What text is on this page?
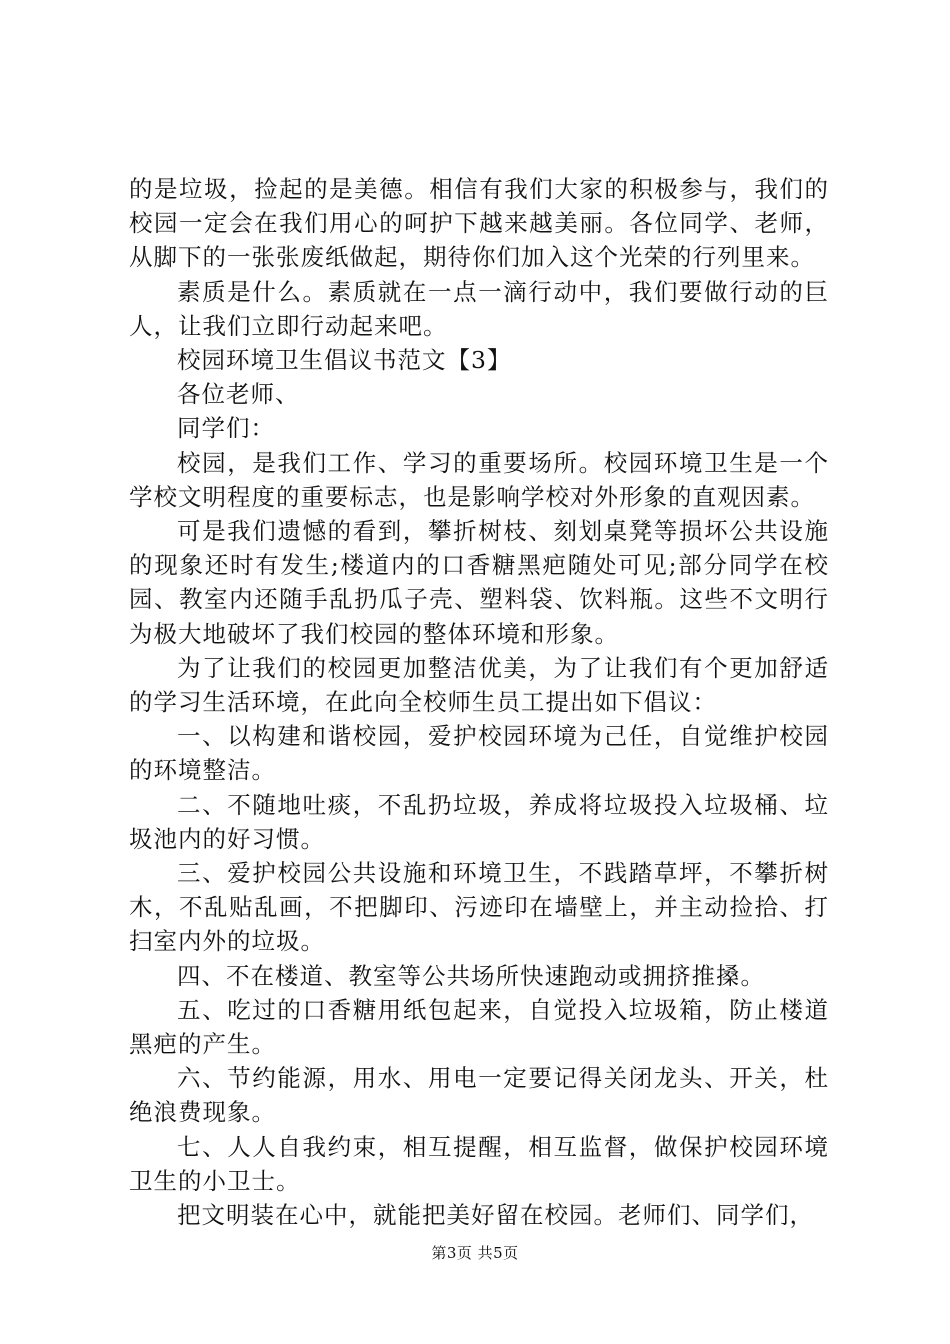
的是垃圾，捡起的是美德。相信有我们大家的积极参与，我们的校园一定会在我们用心的呵护下越来越美丽。各位同学、老师，从脚下的一张张废纸做起，期待你们加入这个光荣的行列里来。

素质是什么。素质就在一点一滴行动中，我们要做行动的巨人，让我们立即行动起来吧。

校园环境卫生倡议书范文【3】

各位老师、

同学们：

校园，是我们工作、学习的重要场所。校园环境卫生是一个学校文明程度的重要标志，也是影响学校对外形象的直观因素。

可是我们遗憾的看到，攀折树枝、刻划桌凳等损坏公共设施的现象还时有发生;楼道内的口香糖黑疤随处可见;部分同学在校园、教室内还随手乱扔瓜子壳、塑料袋、饮料瓶。这些不文明行为极大地破坏了我们校园的整体环境和形象。

为了让我们的校园更加整洁优美，为了让我们有个更加舒适的学习生活环境，在此向全校师生员工提出如下倡议：

一、以构建和谐校园，爱护校园环境为己任，自觉维护校园的环境整洁。

二、不随地吐痰，不乱扔垃圾，养成将垃圾投入垃圾桶、垃圾池内的好习惯。

三、爱护校园公共设施和环境卫生，不践踏草坪，不攀折树木，不乱贴乱画，不把脚印、污迹印在墙壁上，并主动捡拾、打扫室内外的垃圾。

四、不在楼道、教室等公共场所快速跑动或拥挤推搡。

五、吃过的口香糖用纸包起来，自觉投入垃圾箱，防止楼道黑疤的产生。

六、节约能源，用水、用电一定要记得关闭龙头、开关，杜绝浪费现象。

七、人人自我约束，相互提醒，相互监督，做保护校园环境卫生的小卫士。

把文明装在心中，就能把美好留在校园。老师们、同学们，

第3页 共5页
